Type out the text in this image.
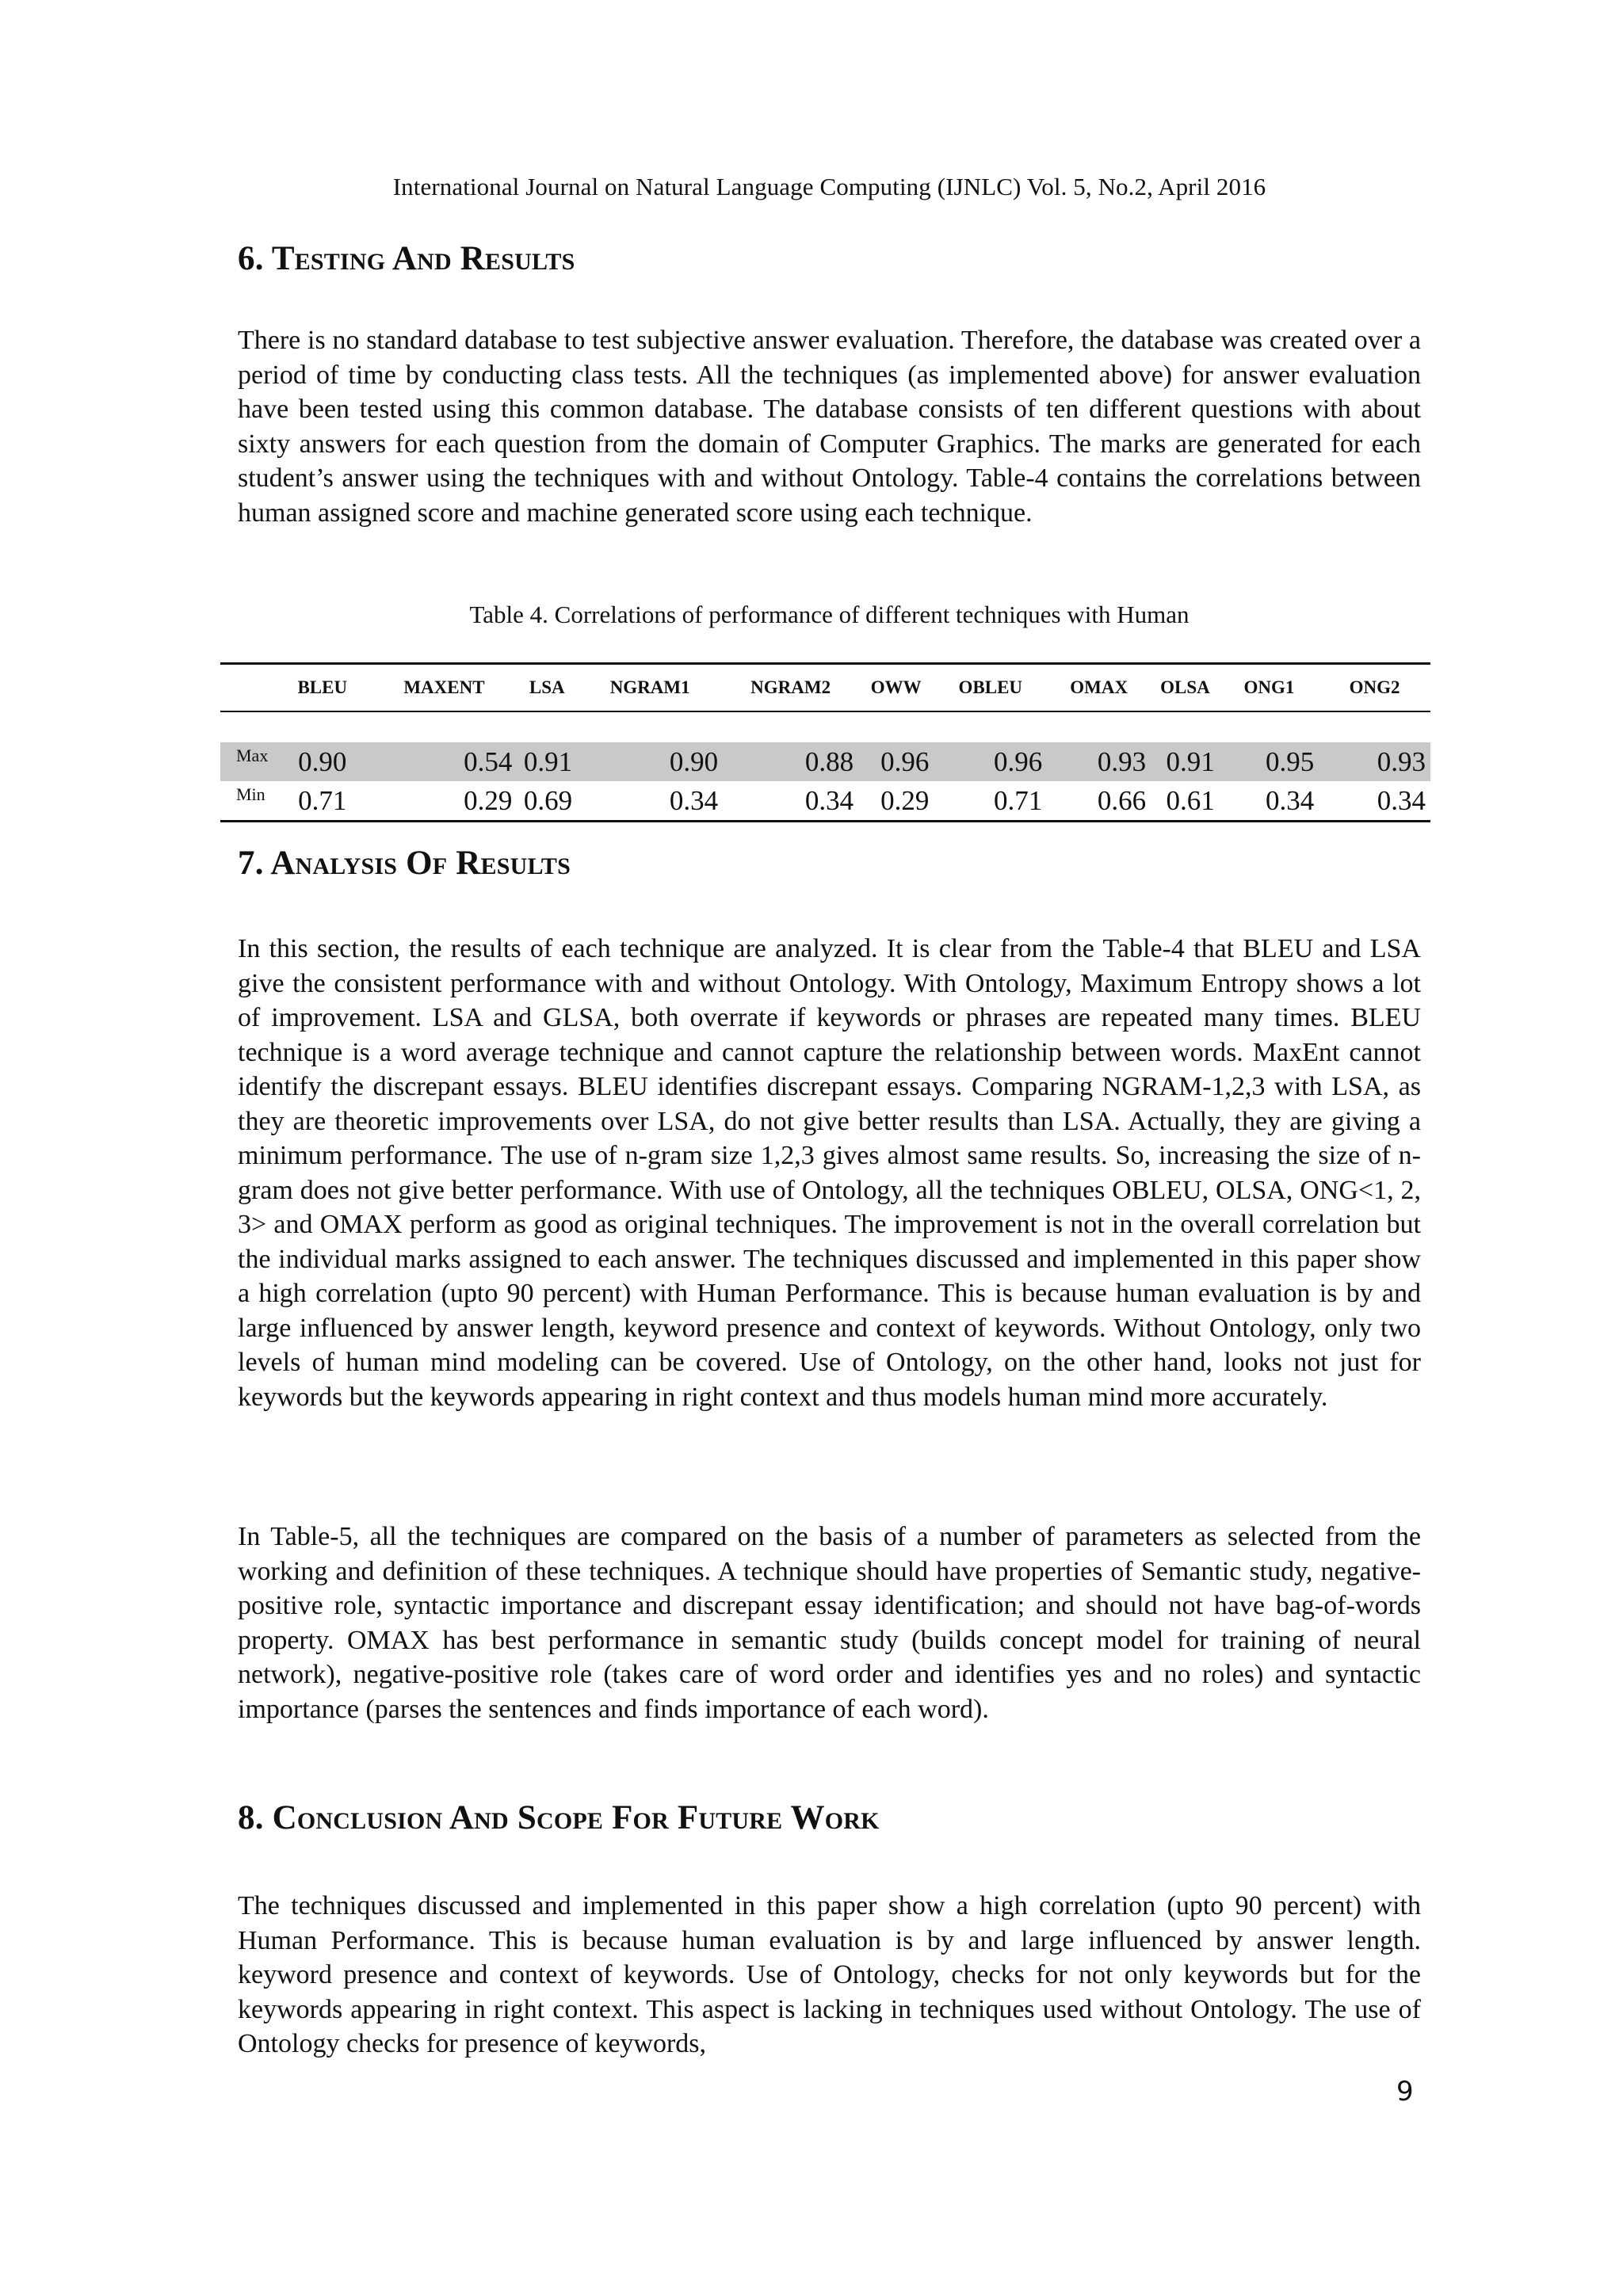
International Journal on Natural Language Computing (IJNLC) Vol. 5, No.2, April 2016
6. Testing And Results

There is no standard database to test subjective answer evaluation. Therefore, the database was created over a period of time by conducting class tests. All the techniques (as implemented above) for answer evaluation have been tested using this common database. The database consists of ten different questions with about sixty answers for each question from the domain of Computer Graphics. The marks are generated for each student’s answer using the techniques with and without Ontology. Table-4 contains the correlations between human assigned score and machine generated score using each technique.

Table 4. Correlations of performance of different techniques with Human

	BLEU	MAXENT	LSA	NGRAM1	NGRAM2	OWW	OBLEU	OMAX	OLSA	ONG1	ONG2

Max	0.90	0.54	0.91	0.90	0.88	0.96	0.96	0.93	0.91	0.95	0.93
Min	0.71	0.29	0.69	0.34	0.34	0.29	0.71	0.66	0.61	0.34	0.34
7. Analysis Of Results

In this section, the results of each technique are analyzed. It is clear from the Table-4 that BLEU and LSA give the consistent performance with and without Ontology. With Ontology, Maximum Entropy shows a lot of improvement. LSA and GLSA, both overrate if keywords or phrases are repeated many times. BLEU technique is a word average technique and cannot capture the relationship between words. MaxEnt cannot identify the discrepant essays. BLEU identifies discrepant essays. Comparing NGRAM-1,2,3 with LSA, as they are theoretic improvements over LSA, do not give better results than LSA. Actually, they are giving a minimum performance. The use of n-gram size 1,2,3 gives almost same results. So, increasing the size of n-gram does not give better performance. With use of Ontology, all the techniques OBLEU, OLSA, ONG<1, 2, 3> and OMAX perform as good as original techniques. The improvement is not in the overall correlation but the individual marks assigned to each answer. The techniques discussed and implemented in this paper show a high correlation (upto 90 percent) with Human Performance. This is because human evaluation is by and large influenced by answer length, keyword presence and context of keywords. Without Ontology, only two levels of human mind modeling can be covered. Use of Ontology, on the other hand, looks not just for keywords but the keywords appearing in right context and thus models human mind more accurately.

In Table-5, all the techniques are compared on the basis of a number of parameters as selected from the working and definition of these techniques. A technique should have properties of Semantic study, negative-positive role, syntactic importance and discrepant essay identification; and should not have bag-of-words property. OMAX has best performance in semantic study (builds concept model for training of neural network), negative-positive role (takes care of word order and identifies yes and no roles) and syntactic importance (parses the sentences and finds importance of each word).

8. Conclusion And Scope For Future Work

The techniques discussed and implemented in this paper show a high correlation (upto 90 percent) with Human Performance. This is because human evaluation is by and large influenced by answer length. keyword presence and context of keywords. Use of Ontology, checks for not only keywords but for the keywords appearing in right context. This aspect is lacking in techniques used without Ontology. The use of Ontology checks for presence of keywords,

9
